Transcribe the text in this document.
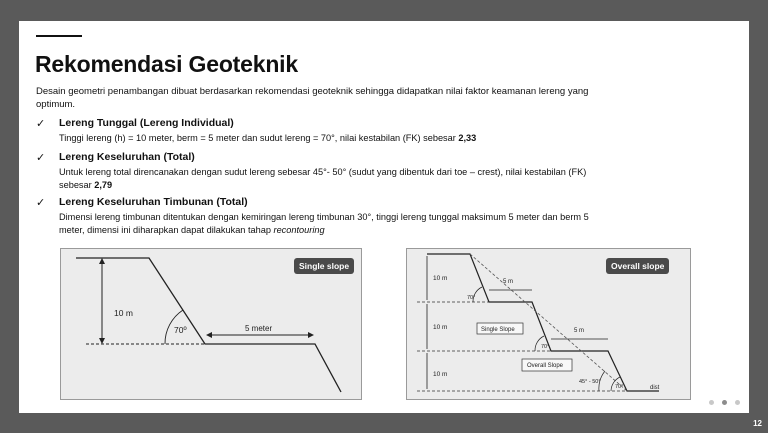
Rekomendasi Geoteknik
Desain geometri penambangan dibuat berdasarkan rekomendasi geoteknik sehingga didapatkan nilai faktor keamanan lereng yang optimum.
✓ Lereng Tunggal (Lereng Individual)
Tinggi lereng (h) = 10 meter, berm = 5 meter dan sudut lereng = 70°, nilai kestabilan (FK) sebesar 2,33
✓ Lereng Keseluruhan (Total)
Untuk lereng total direncanakan dengan sudut lereng sebesar 45°- 50° (sudut yang dibentuk dari toe – crest), nilai kestabilan (FK) sebesar 2,79
✓ Lereng Keseluruhan Timbunan (Total)
Dimensi lereng timbunan ditentukan dengan kemiringan lereng timbunan 30°, tinggi lereng tunggal maksimum 5 meter dan berm 5 meter, dimensi ini diharapkan dapat dilakukan tahap recontouring
10 m
70º	5 meter
Single slope
10 m
10 m
10 m
5 m
5 m
70°
70°
70°
45° - 50°
Single Slope
Overall Slope
dist
Overall slope
12
